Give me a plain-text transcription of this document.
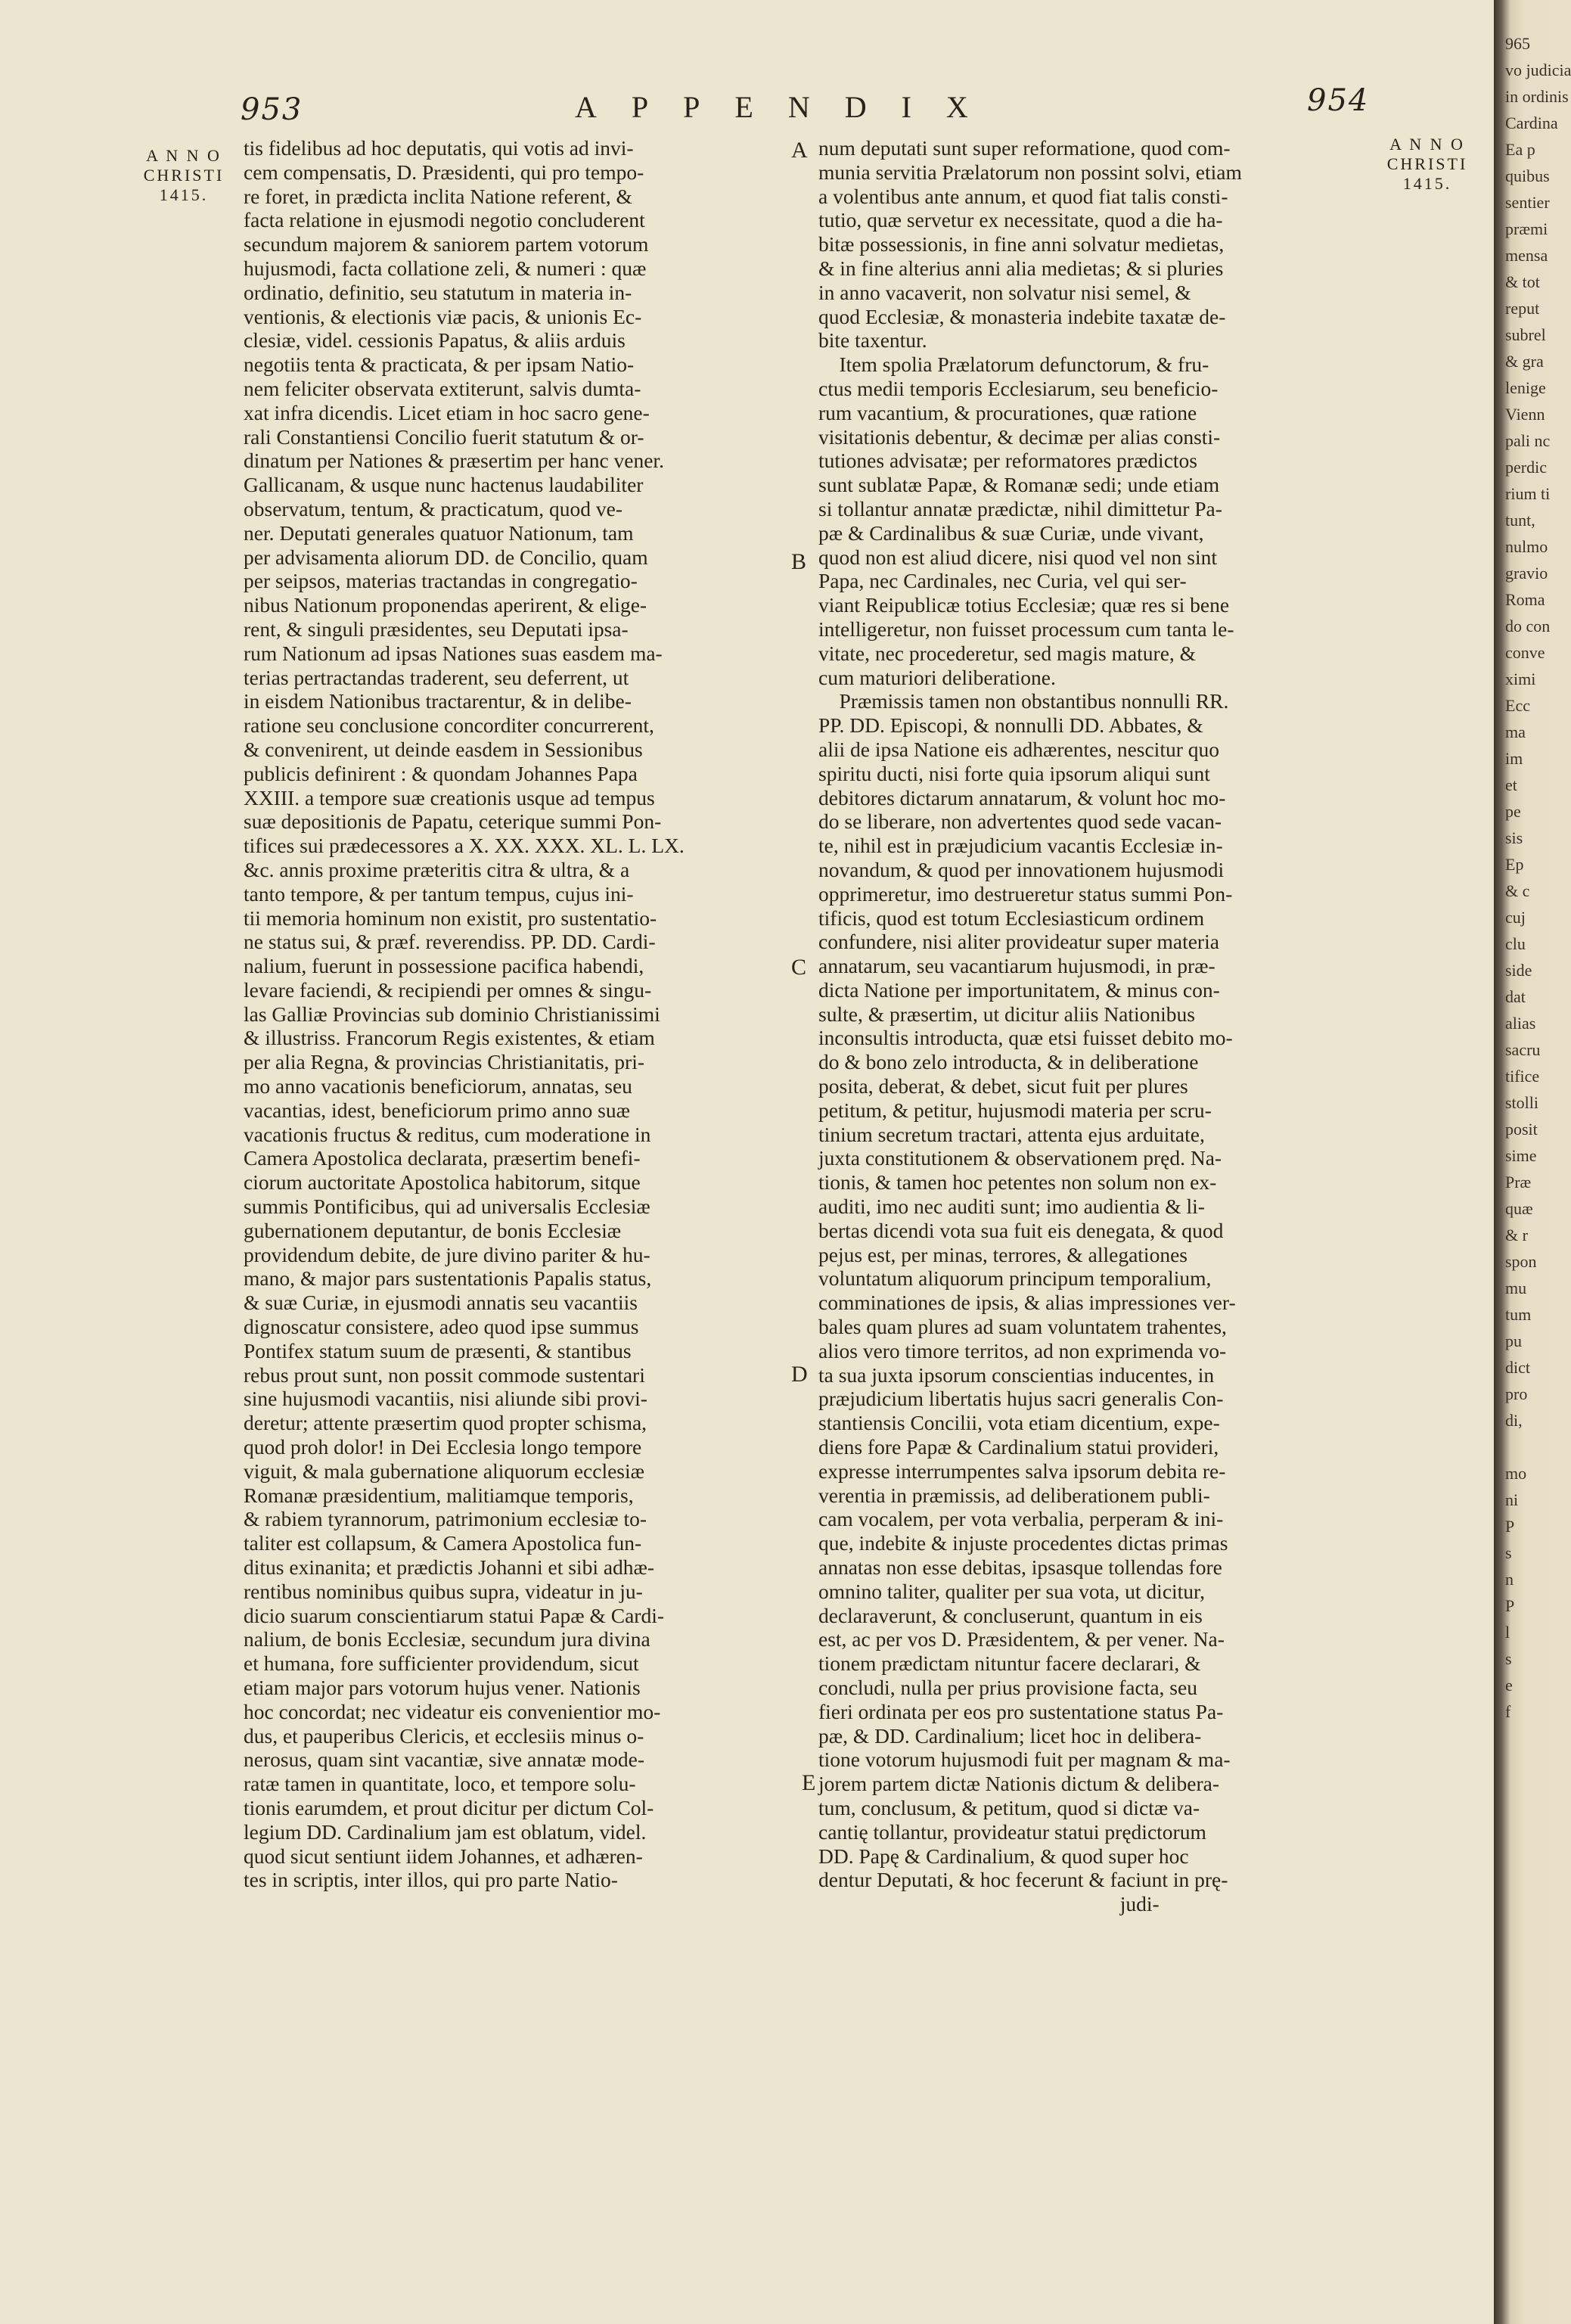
953	APPENDIX	954
A N N O
CHRISTI
1415.
A N N O
CHRISTI
1415.
A
B
C
D
E
tis fidelibus ad hoc deputatis, qui votis ad invi-
cem compensatis, D. Præsidenti, qui pro tempo-
re foret, in prædicta inclita Natione referent, &
facta relatione in ejusmodi negotio concluderent
secundum majorem & saniorem partem votorum
hujusmodi, facta collatione zeli, & numeri : quæ
ordinatio, definitio, seu statutum in materia in-
ventionis, & electionis viæ pacis, & unionis Ec-
clesiæ, videl. cessionis Papatus, & aliis arduis
negotiis tenta & practicata, & per ipsam Natio-
nem feliciter observata extiterunt, salvis dumta-
xat infra dicendis. Licet etiam in hoc sacro gene-
rali Constantiensi Concilio fuerit statutum & or-
dinatum per Nationes & præsertim per hanc vener.
Gallicanam, & usque nunc hactenus laudabiliter
observatum, tentum, & practicatum, quod ve-
ner. Deputati generales quatuor Nationum, tam
per advisamenta aliorum DD. de Concilio, quam
per seipsos, materias tractandas in congregatio-
nibus Nationum proponendas aperirent, & elige-
rent, & singuli præsidentes, seu Deputati ipsa-
rum Nationum ad ipsas Nationes suas easdem ma-
terias pertractandas traderent, seu deferrent, ut
in eisdem Nationibus tractarentur, & in delibe-
ratione seu conclusione concorditer concurrerent,
& convenirent, ut deinde easdem in Sessionibus
publicis definirent : & quondam Johannes Papa
XXIII. a tempore suæ creationis usque ad tempus
suæ depositionis de Papatu, ceterique summi Pon-
tifices sui prædecessores a X. XX. XXX. XL. L. LX.
&c. annis proxime præteritis citra & ultra, & a
tanto tempore, & per tantum tempus, cujus ini-
tii memoria hominum non existit, pro sustentatio-
ne status sui, & præf. reverendiss. PP. DD. Cardi-
nalium, fuerunt in possessione pacifica habendi,
levare faciendi, & recipiendi per omnes & singu-
las Galliæ Provincias sub dominio Christianissimi
& illustriss. Francorum Regis existentes, & etiam
per alia Regna, & provincias Christianitatis, pri-
mo anno vacationis beneficiorum, annatas, seu
vacantias, idest, beneficiorum primo anno suæ
vacationis fructus & reditus, cum moderatione in
Camera Apostolica declarata, præsertim benefi-
ciorum auctoritate Apostolica habitorum, sitque
summis Pontificibus, qui ad universalis Ecclesiæ
gubernationem deputantur, de bonis Ecclesiæ
providendum debite, de jure divino pariter & hu-
mano, & major pars sustentationis Papalis status,
& suæ Curiæ, in ejusmodi annatis seu vacantiis
dignoscatur consistere, adeo quod ipse summus
Pontifex statum suum de præsenti, & stantibus
rebus prout sunt, non possit commode sustentari
sine hujusmodi vacantiis, nisi aliunde sibi provi-
deretur; attente præsertim quod propter schisma,
quod proh dolor! in Dei Ecclesia longo tempore
viguit, & mala gubernatione aliquorum ecclesiæ
Romanæ præsidentium, malitiamque temporis,
& rabiem tyrannorum, patrimonium ecclesiæ to-
taliter est collapsum, & Camera Apostolica fun-
ditus exinanita; et prædictis Johanni et sibi adhæ-
rentibus nominibus quibus supra, videatur in ju-
dicio suarum conscientiarum statui Papæ & Cardi-
nalium, de bonis Ecclesiæ, secundum jura divina
et humana, fore sufficienter providendum, sicut
etiam major pars votorum hujus vener. Nationis
hoc concordat; nec videatur eis convenientior mo-
dus, et pauperibus Clericis, et ecclesiis minus o-
nerosus, quam sint vacantiæ, sive annatæ mode-
ratæ tamen in quantitate, loco, et tempore solu-
tionis earumdem, et prout dicitur per dictum Col-
legium DD. Cardinalium jam est oblatum, videl.
quod sicut sentiunt iidem Johannes, et adhæren-
tes in scriptis, inter illos, qui pro parte Natio-
num deputati sunt super reformatione, quod com-
munia servitia Prælatorum non possint solvi, etiam
a volentibus ante annum, et quod fiat talis consti-
tutio, quæ servetur ex necessitate, quod a die ha-
bitæ possessionis, in fine anni solvatur medietas,
& in fine alterius anni alia medietas; & si pluries
in anno vacaverit, non solvatur nisi semel, &
quod Ecclesiæ, & monasteria indebite taxatæ de-
bite taxentur.
Item spolia Prælatorum defunctorum, & fru-
ctus medii temporis Ecclesiarum, seu beneficio-
rum vacantium, & procurationes, quæ ratione
visitationis debentur, & decimæ per alias consti-
tutiones advisatæ; per reformatores prædictos
sunt sublatæ Papæ, & Romanæ sedi; unde etiam
si tollantur annatæ prædictæ, nihil dimittetur Pa-
pæ & Cardinalibus & suæ Curiæ, unde vivant,
quod non est aliud dicere, nisi quod vel non sint
Papa, nec Cardinales, nec Curia, vel qui ser-
viant Reipublicæ totius Ecclesiæ; quæ res si bene
intelligeretur, non fuisset processum cum tanta le-
vitate, nec procederetur, sed magis mature, &
cum maturiori deliberatione.
Præmissis tamen non obstantibus nonnulli RR.
PP. DD. Episcopi, & nonnulli DD. Abbates, &
alii de ipsa Natione eis adhærentes, nescitur quo
spiritu ducti, nisi forte quia ipsorum aliqui sunt
debitores dictarum annatarum, & volunt hoc mo-
do se liberare, non advertentes quod sede vacan-
te, nihil est in præjudicium vacantis Ecclesiæ in-
novandum, & quod per innovationem hujusmodi
opprimeretur, imo destrueretur status summi Pon-
tificis, quod est totum Ecclesiasticum ordinem
confundere, nisi aliter provideatur super materia
annatarum, seu vacantiarum hujusmodi, in præ-
dicta Natione per importunitatem, & minus con-
sulte, & præsertim, ut dicitur aliis Nationibus
inconsultis introducta, quæ etsi fuisset debito mo-
do & bono zelo introducta, & in deliberatione
posita, deberat, & debet, sicut fuit per plures
petitum, & petitur, hujusmodi materia per scru-
tinium secretum tractari, attenta ejus arduitate,
juxta constitutionem & observationem pręd. Na-
tionis, & tamen hoc petentes non solum non ex-
auditi, imo nec auditi sunt; imo audientia & li-
bertas dicendi vota sua fuit eis denegata, & quod
pejus est, per minas, terrores, & allegationes
voluntatum aliquorum principum temporalium,
comminationes de ipsis, & alias impressiones ver-
bales quam plures ad suam voluntatem trahentes,
alios vero timore territos, ad non exprimenda vo-
ta sua juxta ipsorum conscientias inducentes, in
præjudicium libertatis hujus sacri generalis Con-
stantiensis Concilii, vota etiam dicentium, expe-
diens fore Papæ & Cardinalium statui provideri,
expresse interrumpentes salva ipsorum debita re-
verentia in præmissis, ad deliberationem publi-
cam vocalem, per vota verbalia, perperam & ini-
que, indebite & injuste procedentes dictas primas
annatas non esse debitas, ipsasque tollendas fore
omnino taliter, qualiter per sua vota, ut dicitur,
declaraverunt, & concluserunt, quantum in eis
est, ac per vos D. Præsidentem, & per vener. Na-
tionem prædictam nituntur facere declarari, &
concludi, nulla per prius provisione facta, seu
fieri ordinata per eos pro sustentatione status Pa-
pæ, & DD. Cardinalium; licet hoc in delibera-
tione votorum hujusmodi fuit per magnam & ma-
jorem partem dictæ Nationis dictum & delibera-
tum, conclusum, & petitum, quod si dictæ va-
cantię tollantur, provideatur statui prędictorum
DD. Papę & Cardinalium, & quod super hoc
dentur Deputati, & hoc fecerunt & faciunt in prę-
judi-
965
vo judicia
in ordinis
Cardina
Ea p
quibus
sentier
præmi
mensa
& tot
reput
subrel
& gra
lenige
Vienn
pali nc
perdic
rium ti
tunt,
nulmo
gravio
Roma
do con
conve
ximi
Ecc
ma
im
et
pe
sis
Ep
& c
cuj
clu
side
dat
alias
sacru
tifice
stolli
posit
sime
Præ
quæ
& r
spon
mu
tum
pu
dict
pro
di,
mo
ni
P
s
n
P
l
s
e
f
